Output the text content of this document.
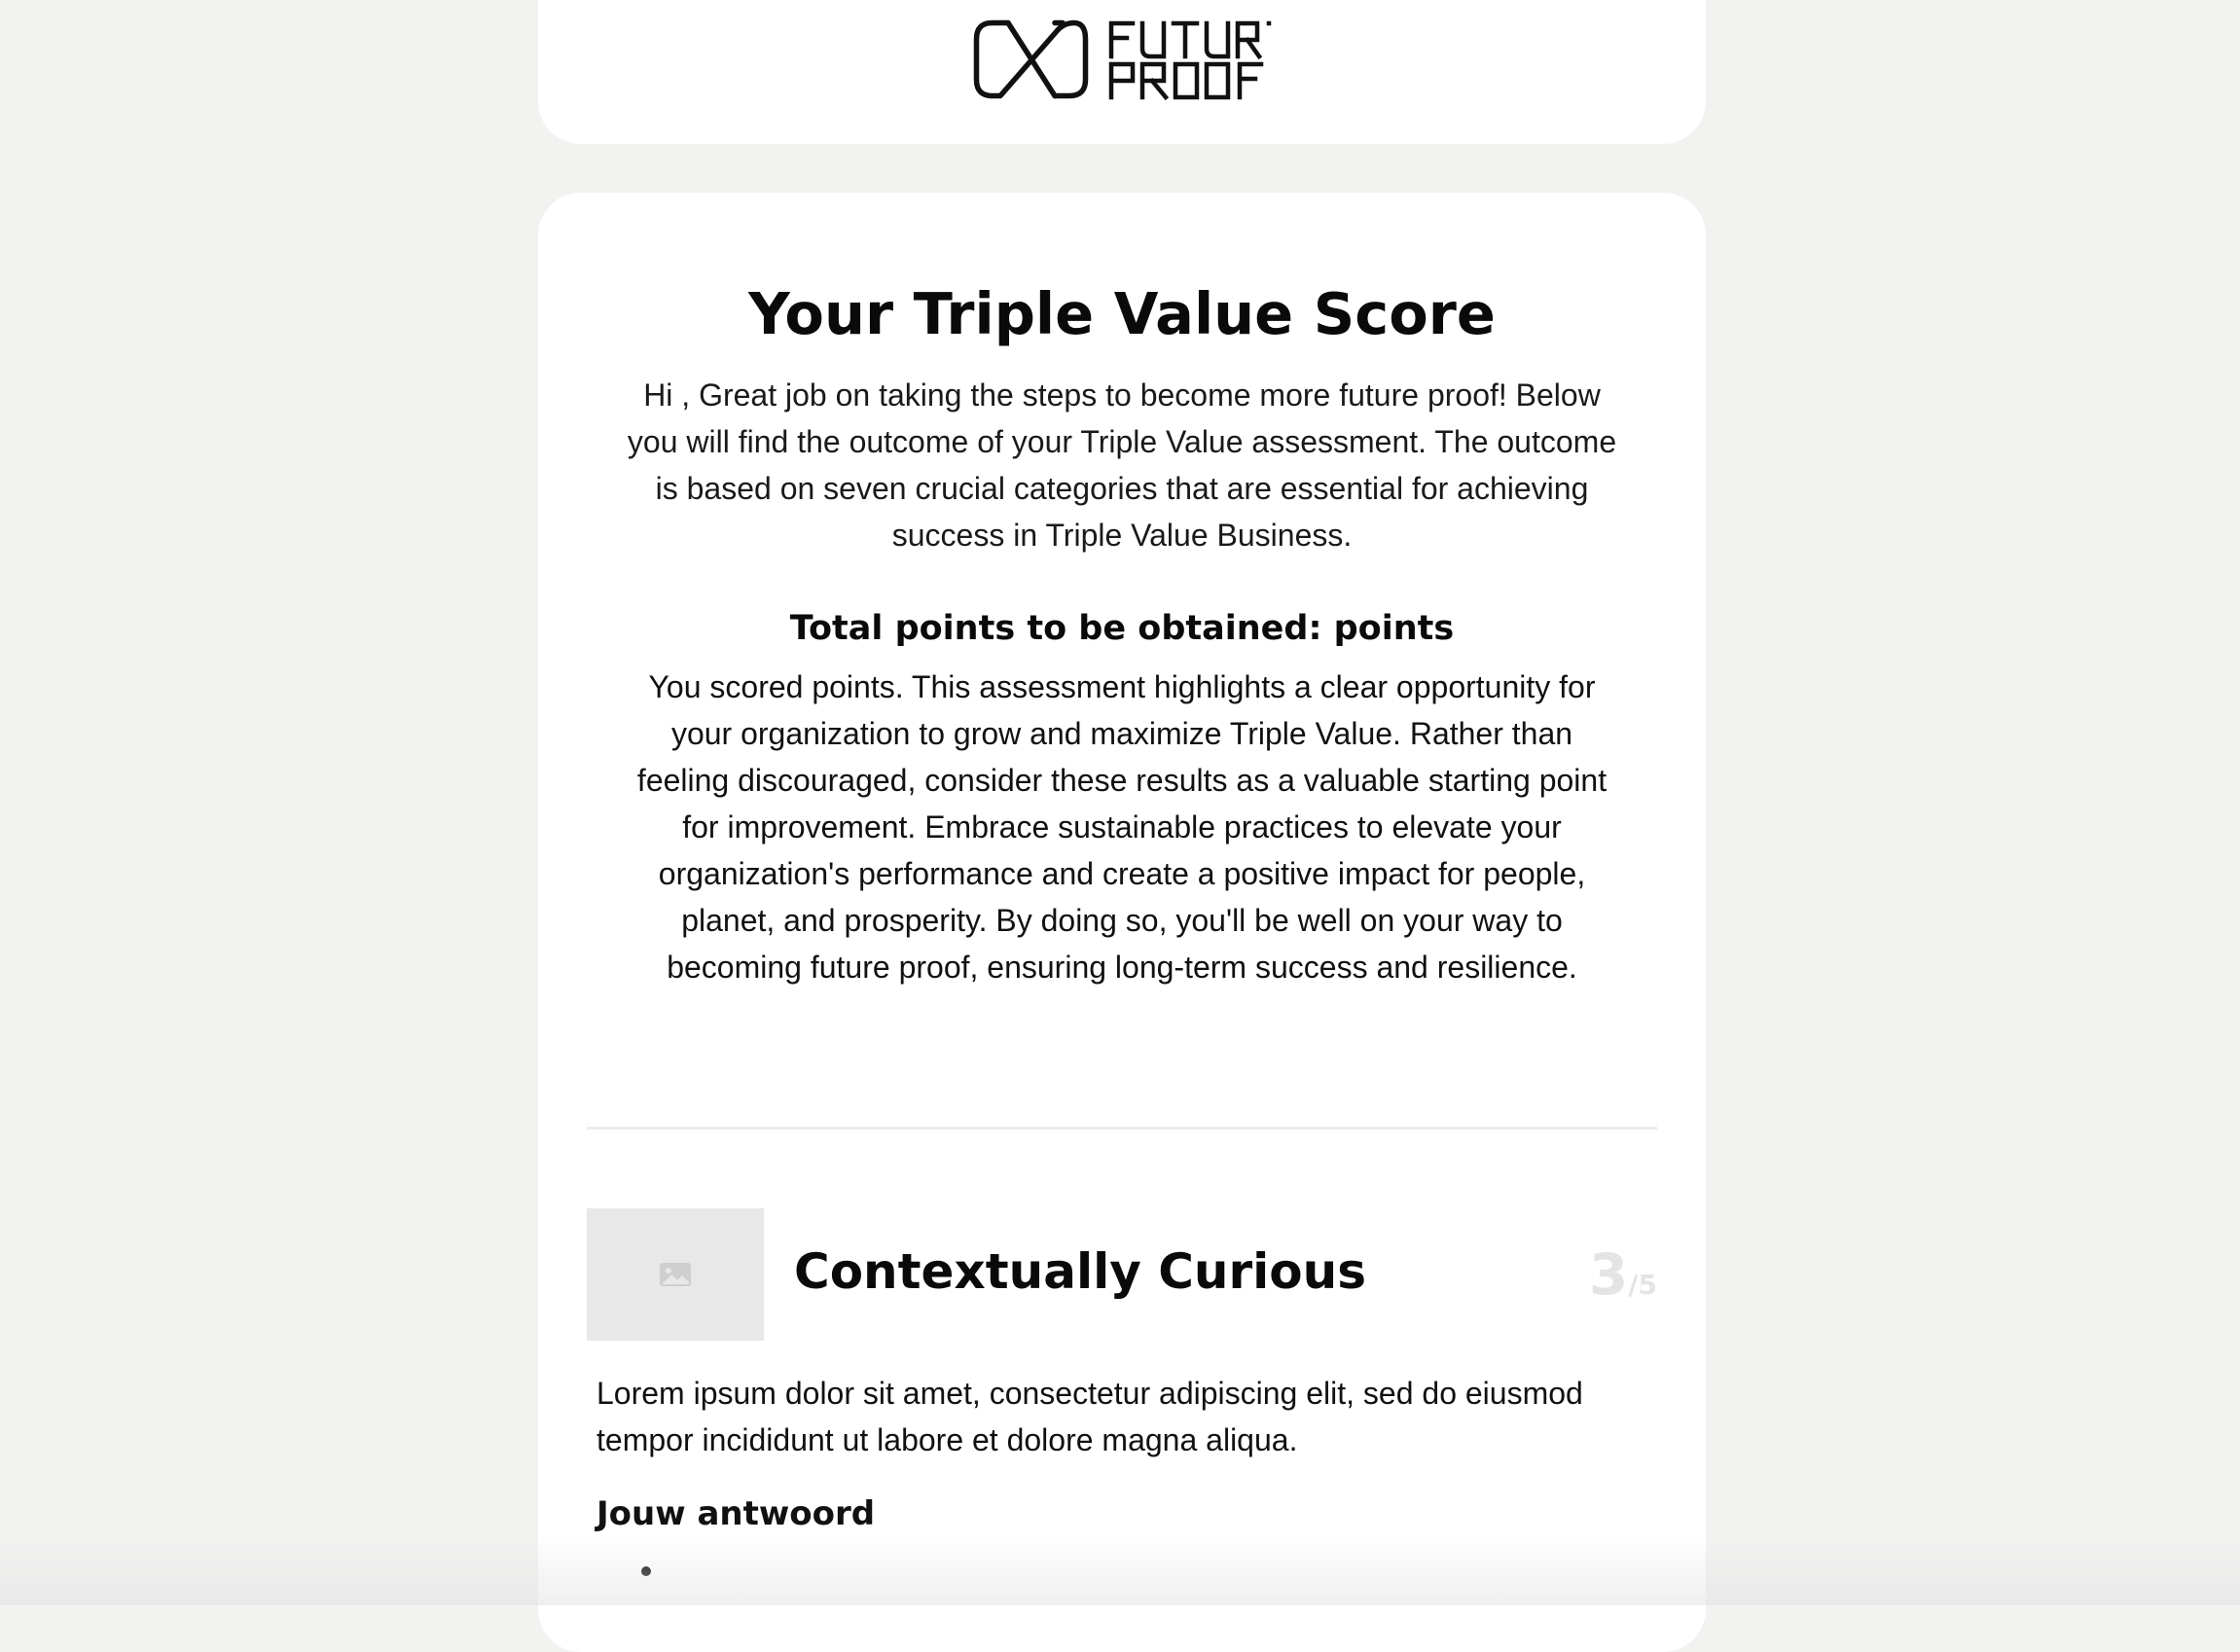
Your Triple Value Score

Hi , Great job on taking the steps to become more future proof! Below you will find the outcome of your Triple Value assessment. The outcome is based on seven crucial categories that are essential for achieving success in Triple Value Business.

Total points to be obtained: points

You scored points. This assessment highlights a clear opportunity for your organization to grow and maximize Triple Value. Rather than feeling discouraged, consider these results as a valuable starting point for improvement. Embrace sustainable practices to elevate your organization's performance and create a positive impact for people, planet, and prosperity. By doing so, you'll be well on your way to becoming future proof, ensuring long-term success and resilience.

Contextually Curious	3/5

Lorem ipsum dolor sit amet, consectetur adipiscing elit, sed do eiusmod tempor incididunt ut labore et dolore magna aliqua.

Jouw antwoord
